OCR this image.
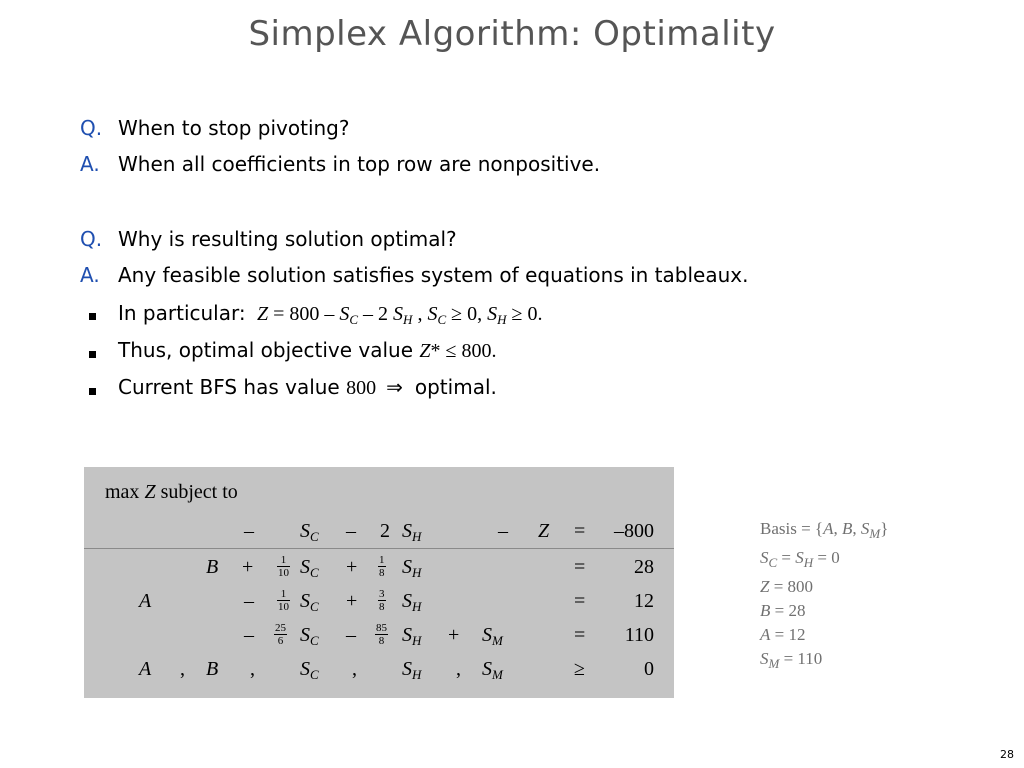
Simplex Algorithm: Optimality
Q. When to stop pivoting?
A. When all coefficients in top row are nonpositive.
Q. Why is resulting solution optimal?
A. Any feasible solution satisfies system of equations in tableaux.
In particular: $Z = 800 - S_C - 2$ $S_H$ , $S_C \ge 0$, $S_H \ge 0$.
Thus, optimal objective value Z* ≤ 800.
Current BFS has value 800 ⇒ optimal.
max Z subject to
– $S_C - 2$ $S_H$	– Z = –800
$B + \frac{1}{10} S_C + \frac{1}{8} S_H$	= 28
A	– $\frac{1}{10} S_C + \frac{3}{8} S_H$	= 12
– $\frac{25}{6} S_C - \frac{85}{8} S_H + S_M$	= 110
A , B , $S_C$ , $S_H$ , $S_M$	≥	0
Basis = {A, B, $S_M$}
$S_C = S_H = 0$
Z = 800
B = 28
A = 12
$S_M = 110$
28
